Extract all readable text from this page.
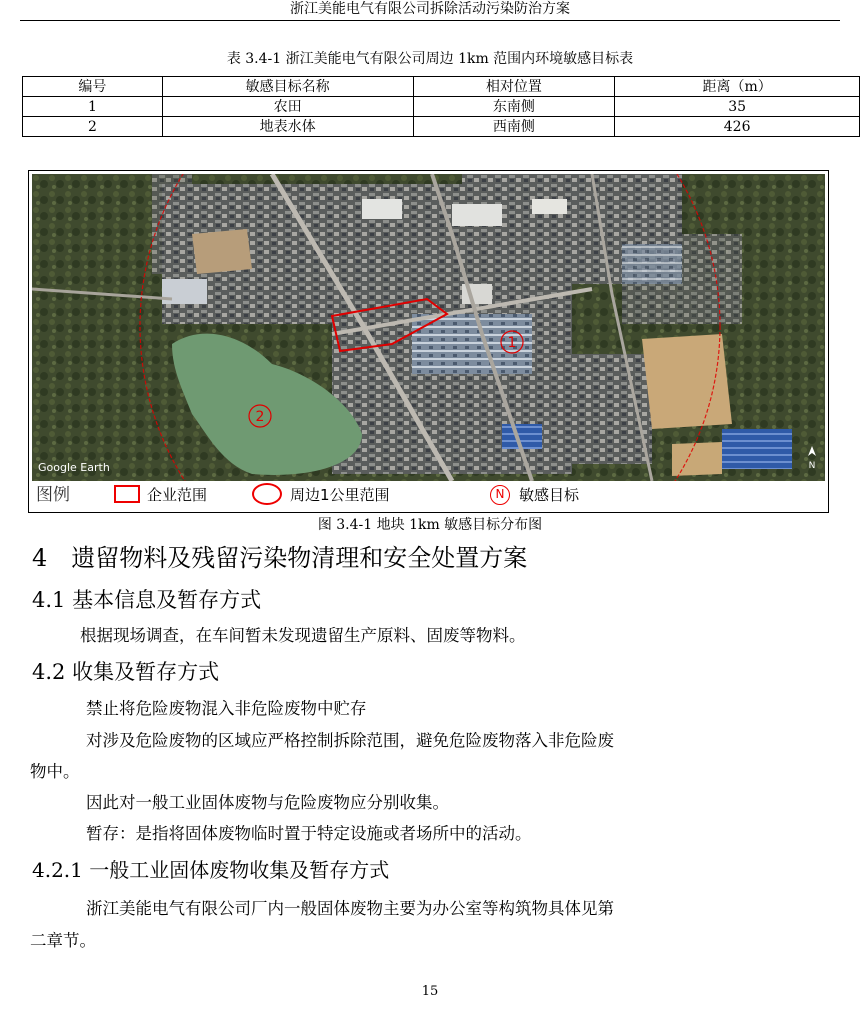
浙江美能电气有限公司拆除活动污染防治方案
表 3.4-1 浙江美能电气有限公司周边 1km 范围内环境敏感目标表
编号	敏感目标名称	相对位置	距离（m）
1	农田	东南侧	35
2	地表水体	西南侧	426
1
2
Google Earth	N
图例	企业范围	周边1公里范围	N 敏感目标
图 3.4-1 地块 1km 敏感目标分布图
4　遗留物料及残留污染物清理和安全处置方案
4.1 基本信息及暂存方式
根据现场调查，在车间暂未发现遗留生产原料、固废等物料。
4.2 收集及暂存方式
禁止将危险废物混入非危险废物中贮存
对涉及危险废物的区域应严格控制拆除范围，避免危险废物落入非危险废
物中。
因此对一般工业固体废物与危险废物应分别收集。
暂存：是指将固体废物临时置于特定设施或者场所中的活动。
4.2.1 一般工业固体废物收集及暂存方式
浙江美能电气有限公司厂内一般固体废物主要为办公室等构筑物具体见第
二章节。
15
